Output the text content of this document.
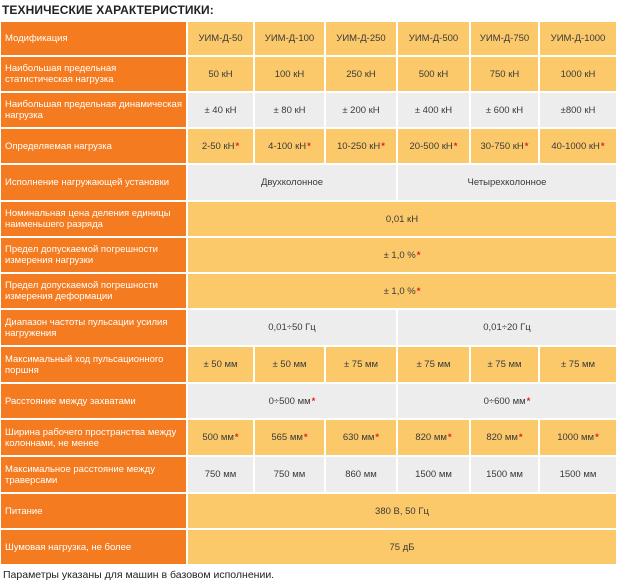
ТЕХНИЧЕСКИЕ ХАРАКТЕРИСТИКИ:
Модификация	УИМ-Д-50	УИМ-Д-100	УИМ-Д-250	УИМ-Д-500	УИМ-Д-750	УИМ-Д-1000
Наибольшая предельная статистическая нагрузка	50 кН	100 кН	250 кН	500 кН	750 кН	1000 кН
Наибольшая предельная динамическая нагрузка	± 40 кН	± 80 кН	± 200 кН	± 400 кН	± 600 кН	±800 кН
Определяемая нагрузка	2-50 кН*	4-100 кН*	10-250 кН*	20-500 кН*	30-750 кН*	40-1000 кН*
Исполнение нагружающей установки	Двухколонное			Четырехколонное		
Номинальная цена деления единицы наименьшего разряда	0,01 кН					
Предел допускаемой погрешности измерения нагрузки	± 1,0 %*					
Предел допускаемой погрешности измерения деформации	± 1,0 %*					
Диапазон частоты пульсации усилия нагружения	0,01÷50 Гц			0,01÷20 Гц		
Максимальный ход пульсационного поршня	± 50 мм	± 50 мм	± 75 мм	± 75 мм	± 75 мм	± 75 мм
Расстояние между захватами	0÷500 мм*			0÷600 мм*		
Ширина рабочего пространства между колоннами, не менее	500 мм*	565 мм*	630 мм*	820 мм*	820 мм*	1000 мм*
Максимальное расстояние между траверсами	750 мм	750 мм	860 мм	1500 мм	1500 мм	1500 мм
Питание	380 В, 50 Гц					
Шумовая нагрузка, не более	75 дБ					
Параметры указаны для машин в базовом исполнении.
